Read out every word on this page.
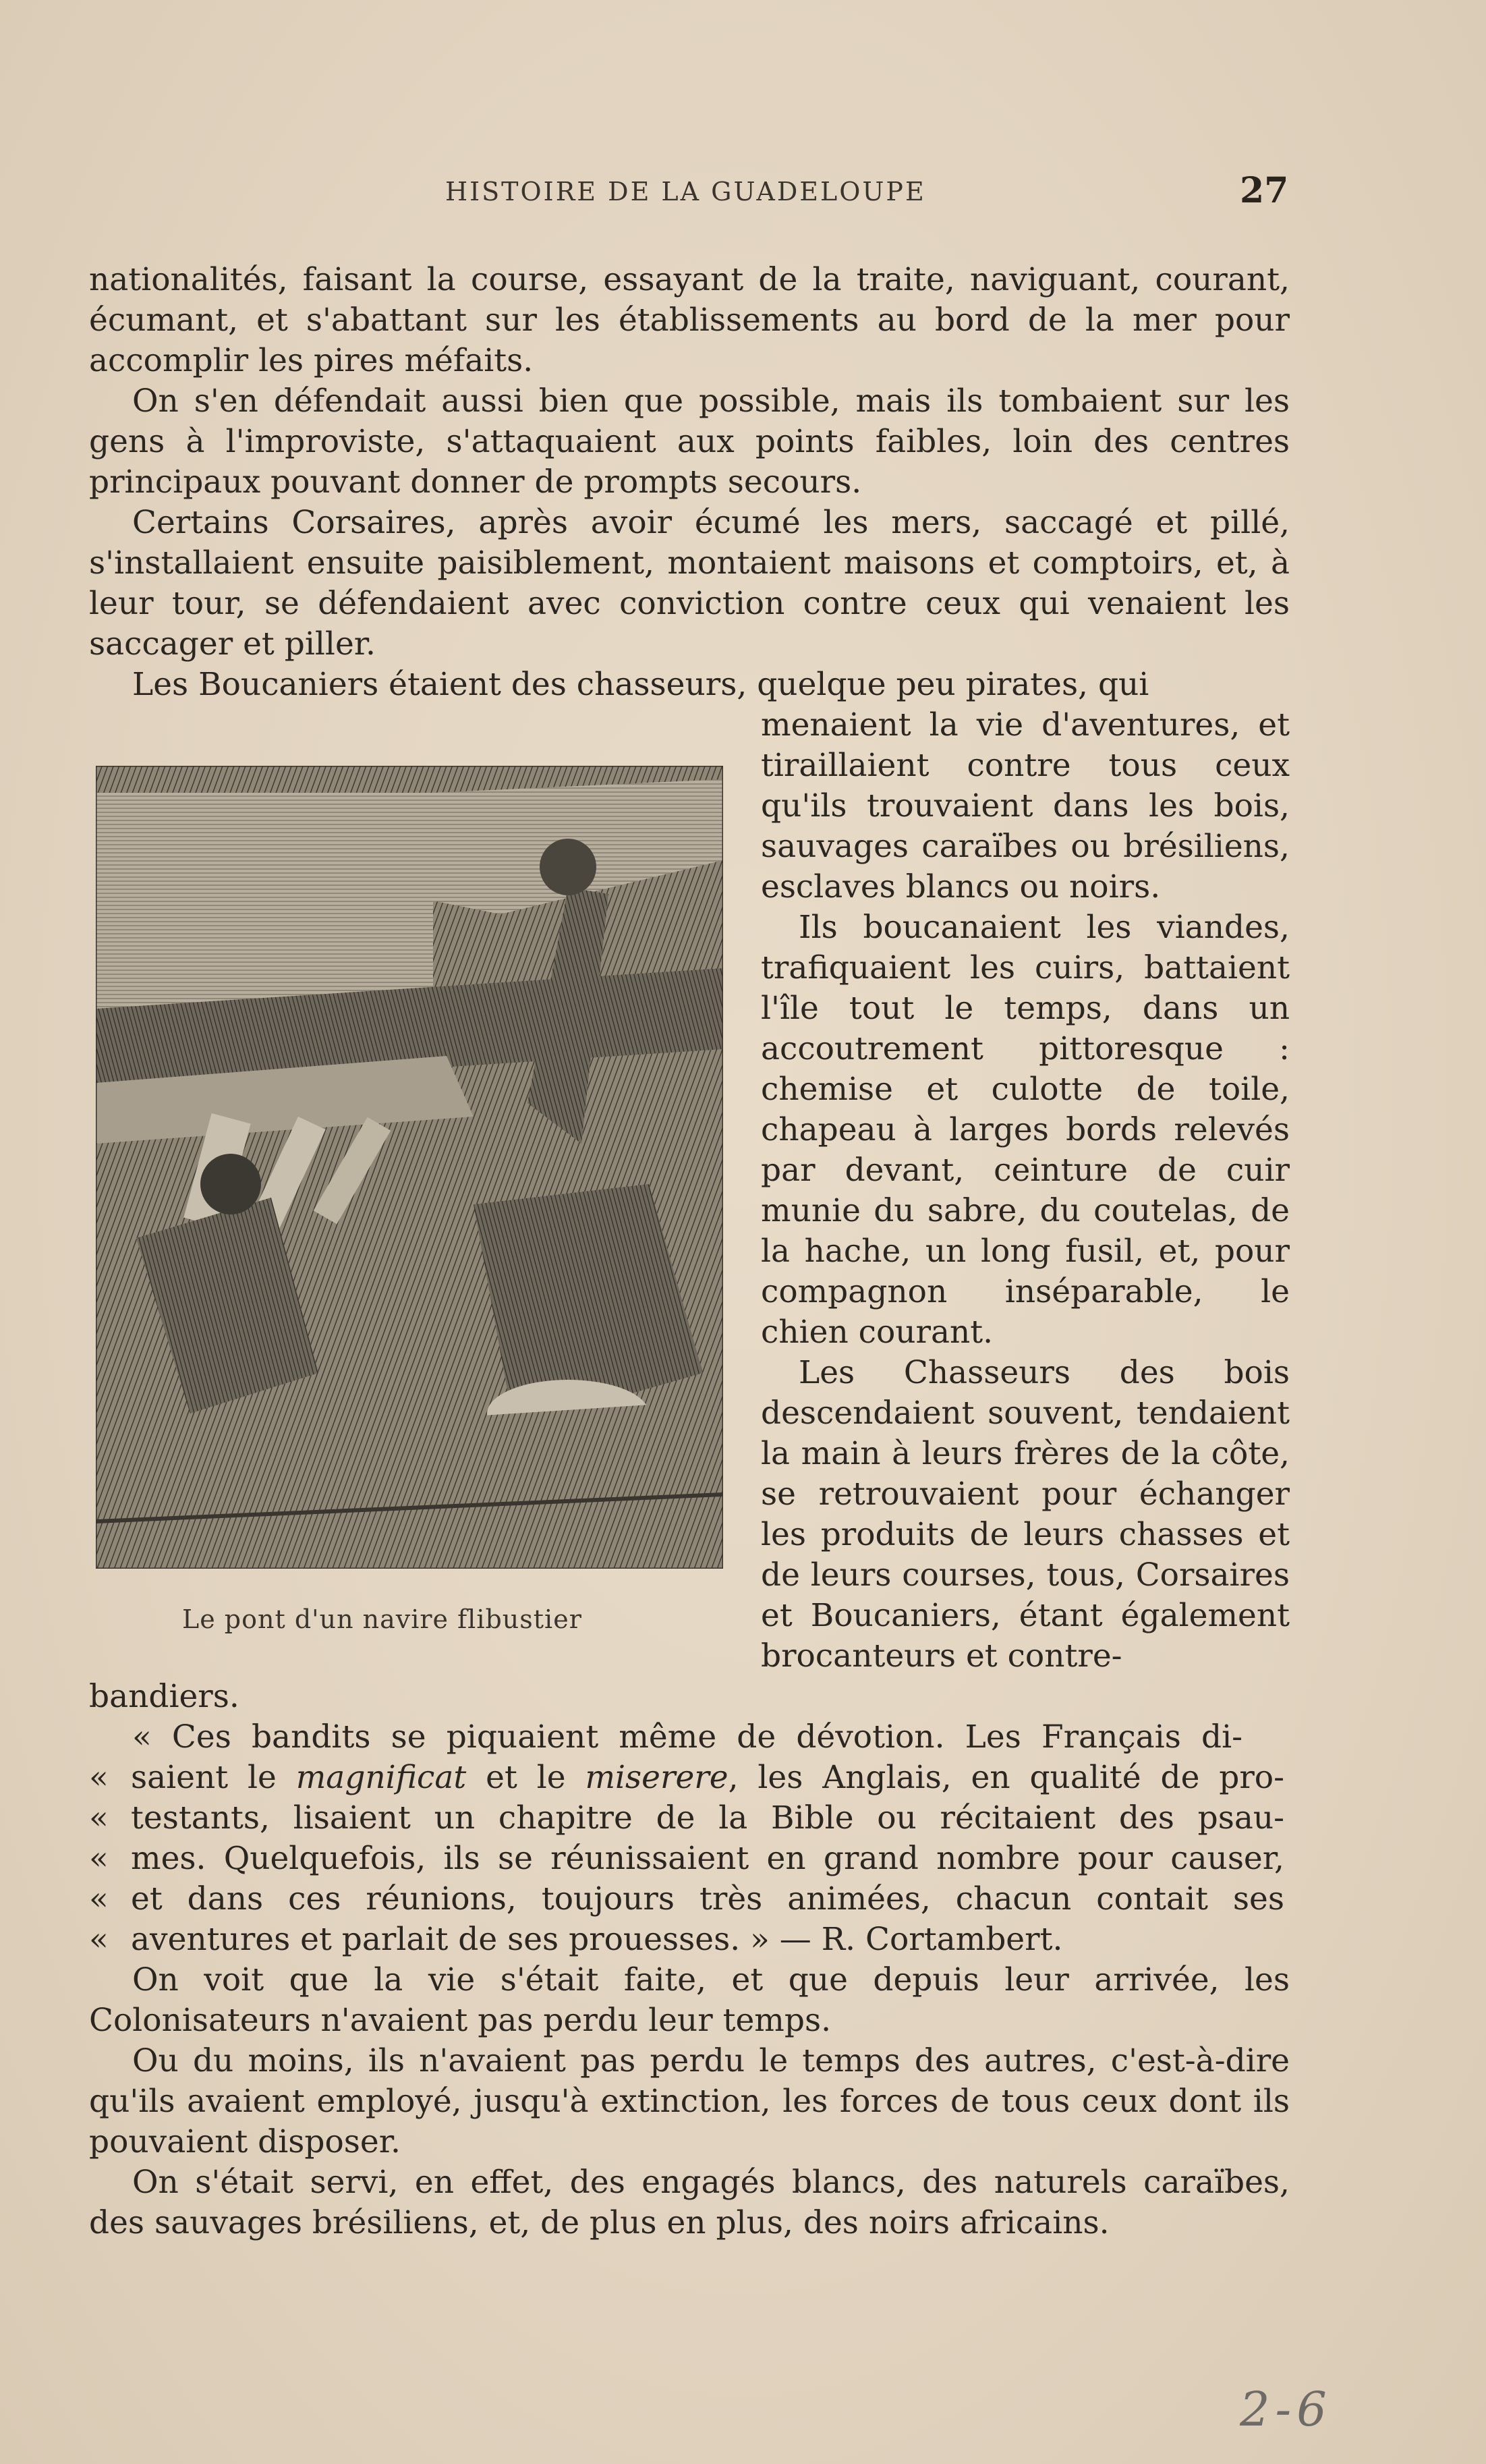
HISTOIRE DE LA GUADELOUPE	27

nationalités, faisant la course, essayant de la traite, naviguant, courant, écumant, et s'abattant sur les établissements au bord de la mer pour accomplir les pires méfaits.

On s'en défendait aussi bien que possible, mais ils tombaient sur les gens à l'improviste, s'attaquaient aux points faibles, loin des centres principaux pouvant donner de prompts secours.

Certains Corsaires, après avoir écumé les mers, saccagé et pillé, s'installaient ensuite paisiblement, montaient maisons et comptoirs, et, à leur tour, se défendaient avec conviction contre ceux qui venaient les saccager et piller.

Les Boucaniers étaient des chasseurs, quelque peu pirates, qui

Le pont d'un navire flibustier

menaient la vie d'aventures, et tiraillaient contre tous ceux qu'ils trouvaient dans les bois, sauvages caraïbes ou brésiliens, esclaves blancs ou noirs.

Ils boucanaient les viandes, trafiquaient les cuirs, battaient l'île tout le temps, dans un accoutrement pittoresque : chemise et culotte de toile, chapeau à larges bords relevés par devant, ceinture de cuir munie du sabre, du coutelas, de la hache, un long fusil, et, pour compagnon inséparable, le chien courant.

Les Chasseurs des bois descendaient souvent, tendaient la main à leurs frères de la côte, se retrouvaient pour échanger les produits de leurs chasses et de leurs courses, tous, Corsaires et Boucaniers, étant également brocanteurs et contre-

bandiers.

« Ces bandits se piquaient même de dévotion. Les Français di-
« saient le magnificat et le miserere, les Anglais, en qualité de pro-
« testants, lisaient un chapitre de la Bible ou récitaient des psau-
« mes. Quelquefois, ils se réunissaient en grand nombre pour causer,
« et dans ces réunions, toujours très animées, chacun contait ses
« aventures et parlait de ses prouesses. » — R. Cortambert.

On voit que la vie s'était faite, et que depuis leur arrivée, les Colonisateurs n'avaient pas perdu leur temps.

Ou du moins, ils n'avaient pas perdu le temps des autres, c'est-à-dire qu'ils avaient employé, jusqu'à extinction, les forces de tous ceux dont ils pouvaient disposer.

On s'était servi, en effet, des engagés blancs, des naturels caraïbes, des sauvages brésiliens, et, de plus en plus, des noirs africains.

2-6
